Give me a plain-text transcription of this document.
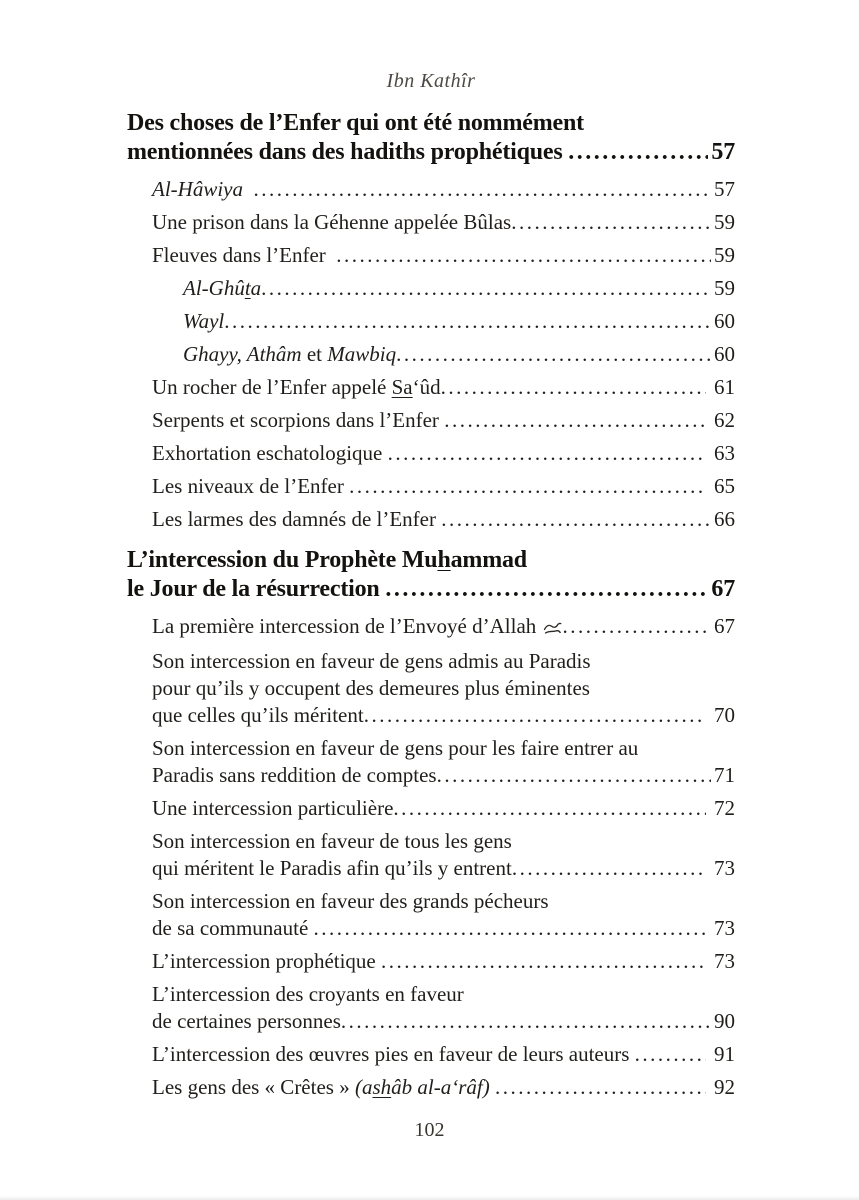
Ibn Kathîr
Des choses de l’Enfer qui ont été nommément
mentionnées dans des hadiths prophétiques .....	57
Al-Hâwiya .....	57
Une prison dans la Géhenne appelée Bûlas .....	59
Fleuves dans l’Enfer .....	59
Al-Ghûta .....	59
Wayl .....	60
Ghayy, Athâm et Mawbiq .....	60
Un rocher de l’Enfer appelé Sa‘ûd .....	61
Serpents et scorpions dans l’Enfer .....	62
Exhortation eschatologique .....	63
Les niveaux de l’Enfer .....	65
Les larmes des damnés de l’Enfer .....	66
L’intercession du Prophète Muhammad
le Jour de la résurrection .....	67
La première intercession de l’Envoyé d’Allah .....	67
Son intercession en faveur de gens admis au Paradis
pour qu’ils y occupent des demeures plus éminentes
que celles qu’ils méritent .....	70
Son intercession en faveur de gens pour les faire entrer au
Paradis sans reddition de comptes .....	71
Une intercession particulière .....	72
Son intercession en faveur de tous les gens
qui méritent le Paradis afin qu’ils y entrent .....	73
Son intercession en faveur des grands pécheurs
de sa communauté .....	73
L’intercession prophétique .....	73
L’intercession des croyants en faveur
de certaines personnes .....	90
L’intercession des œuvres pies en faveur de leurs auteurs .....	91
Les gens des « Crêtes » (ashâb al-a‘râf) .....	92
102
